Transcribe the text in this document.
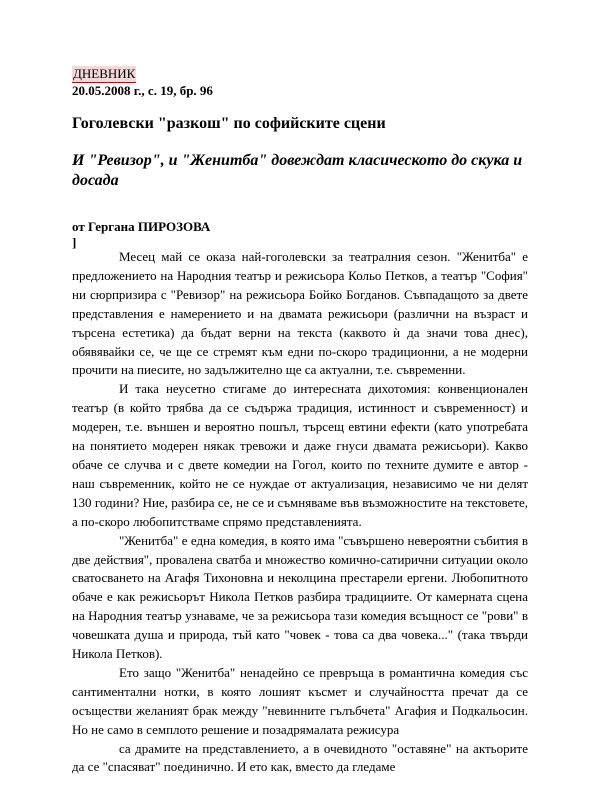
ДНЕВНИК
20.05.2008 г., с. 19, бр. 96
Гоголевски "разкош" по софийските сцени
И "Ревизор", и "Женитба" довеждат класическото до скука и досада
от Гергана ПИРОЗОВА
]

Месец май се оказа най-гоголевски за театралния сезон. "Женитба" е предложението на Народния театър и режисьора Кольо Петков, а театър "София" ни сюрпризира с "Ревизор" на режисьора Бойко Богданов. Съвпадащото за двете представления е намерението и на двамата режисьори (различни на възраст и търсена естетика) да бъдат верни на текста (каквото ѝ да значи това днес), обявявайки се, че ще се стремят към едни по-скоро традиционни, а не модерни прочити на пиесите, но задължително ще са актуални, т.е. съвременни.

И така неусетно стигаме до интересната дихотомия: конвенционален театър (в който трябва да се съдържа традиция, истинност и съвременност) и модерен, т.е. външен и вероятно пошъл, търсещ евтини ефекти (като употребата на понятието модерен някак тревожи и даже гнуси двамата режисьори). Какво обаче се случва и с двете комедии на Гогол, които по техните думите е автор - наш съвременник, който не се нуждае от актуализация, независимо че ни делят 130 години? Ние, разбира се, не се и съмняваме във възможностите на текстовете, а по-скоро любопитстваме спрямо представленията.

"Женитба" е една комедия, в която има "съвършено невероятни събития в две действия", провалена сватба и множество комично-сатирични ситуации около сватосването на Агафя Тихоновна и неколцина престарели ергени. Любопитното обаче е как режисьорът Никола Петков разбира традициите. От камерната сцена на Народния театър узнаваме, че за режисьора тази комедия всъщност се "рови" в човешката душа и природа, тъй като "човек - това са два човека..." (така твърди Никола Петков).

Ето защо "Женитба" ненадейно се превръща в романтична комедия със сантиментални нотки, в която лошият късмет и случайността пречат да се осъществи желаният брак между "невинните гълъбчета" Агафия и Подкальосин. Но не само в семплото решение и позадрямалата режисура

са драмите на представлението, а в очевидното "оставяне" на актьорите да се "спасяват" поединично. И ето как, вместо да гледаме
